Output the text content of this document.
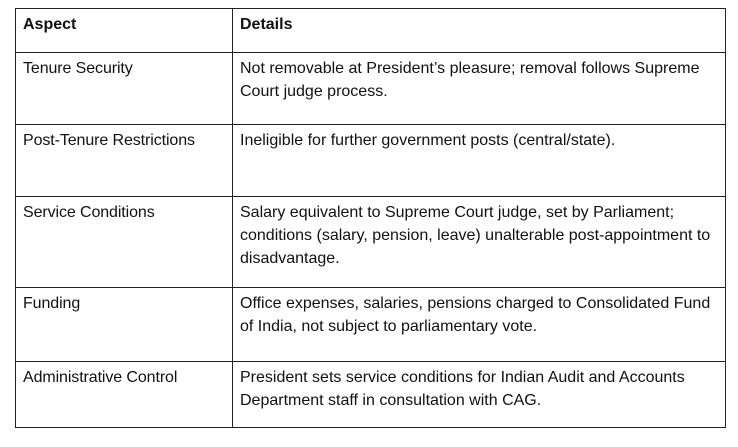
Aspect	Details
Tenure Security	Not removable at President’s pleasure; removal follows Supreme Court judge process.
Post-Tenure Restrictions	Ineligible for further government posts (central/state).
Service Conditions	Salary equivalent to Supreme Court judge, set by Parliament; conditions (salary, pension, leave) unalterable post-appointment to disadvantage.
Funding	Office expenses, salaries, pensions charged to Consolidated Fund of India, not subject to parliamentary vote.
Administrative Control	President sets service conditions for Indian Audit and Accounts Department staff in consultation with CAG.
